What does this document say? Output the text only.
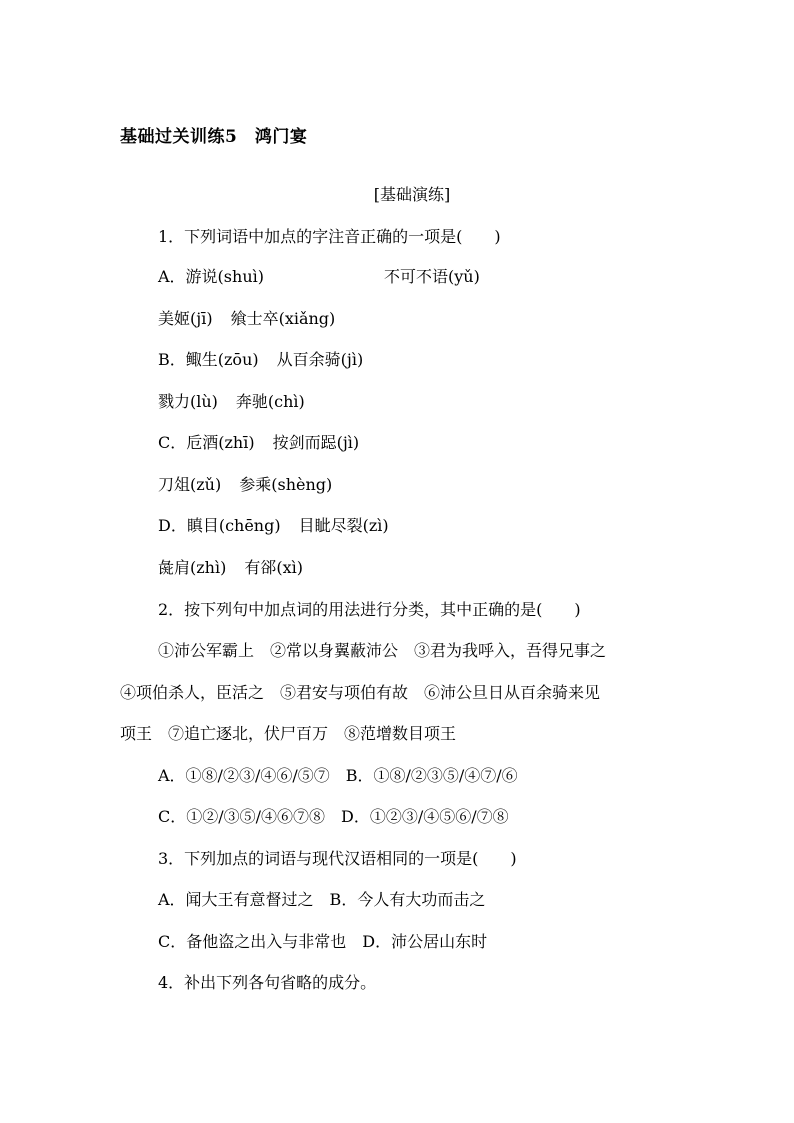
基础过关训练5　鸿门宴
[基础演练]
1．下列词语中加点的字注音正确的一项是(　　)
A．游说(shuì)	不可不语(yǔ)
美姬(jī) 飨士卒(xiǎng)
B．鲰生(zōu) 从百余骑(jì)
戮力(lù) 奔驰(chì)
C．卮酒(zhī) 按剑而跽(jì)
刀俎(zǔ) 参乘(shèng)
D．瞋目(chēng) 目眦尽裂(zì)
彘肩(zhì) 有郤(xì)
2．按下列句中加点词的用法进行分类，其中正确的是(　　)
①沛公军霸上　②常以身翼蔽沛公　③君为我呼入，吾得兄事之
④项伯杀人，臣活之　⑤君安与项伯有故　⑥沛公旦日从百余骑来见
项王　⑦追亡逐北，伏尸百万　⑧范增数目项王
A．①⑧/②③/④⑥/⑤⑦　B．①⑧/②③⑤/④⑦/⑥
C．①②/③⑤/④⑥⑦⑧　D．①②③/④⑤⑥/⑦⑧
3．下列加点的词语与现代汉语相同的一项是(　　)
A．闻大王有意督过之　B．今人有大功而击之
C．备他盗之出入与非常也　D．沛公居山东时
4．补出下列各句省略的成分。
